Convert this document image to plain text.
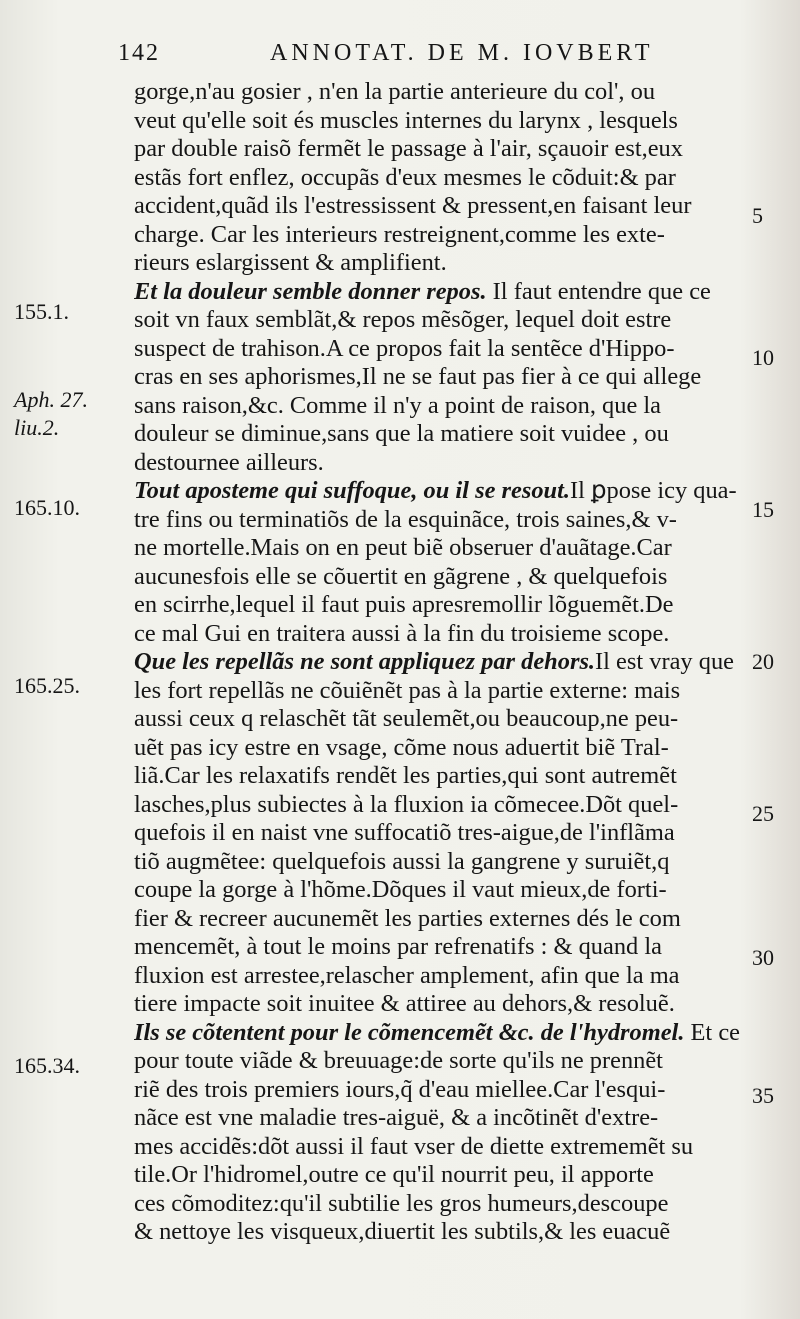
142	ANNOTAT. DE M. IOVBERT
155.1.
Aph. 27.
liu.2.
165.10.
165.25.
165.34.
5
10
15
20
25
30
35
gorge,n'au gosier , n'en la partie anterieure du col', ou
veut qu'elle soit és muscles internes du larynx , lesquels
par double raisõ fermẽt le passage à l'air, sçauoir est,eux
estãs fort enflez, occupãs d'eux mesmes le cõduit:& par
accident,quãd ils l'estressissent & pressent,en faisant leur
charge. Car les interieurs restreignent,comme les exte-
rieurs eslargissent & amplifient.
Et la douleur semble donner repos. Il faut entendre que ce
soit vn faux semblãt,& repos mẽsõger, lequel doit estre
suspect de trahison.A ce propos fait la sentẽce d'Hippo-
cras en ses aphorismes,Il ne se faut pas fier à ce qui allege
sans raison,&c. Comme il n'y a point de raison, que la
douleur se diminue,sans que la matiere soit vuidee , ou
destournee ailleurs.
Tout aposteme qui suffoque, ou il se resout.Il ꝑpose icy qua-
tre fins ou terminatiõs de la esquinãce, trois saines,& v-
ne mortelle.Mais on en peut biẽ obseruer d'auãtage.Car
aucunesfois elle se cõuertit en gãgrene , & quelquefois
en scirrhe,lequel il faut puis apresremollir lõguemẽt.De
ce mal Gui en traitera aussi à la fin du troisieme scope.
Que les repellãs ne sont appliquez par dehors.Il est vray que
les fort repellãs ne cõuiẽnẽt pas à la partie externe: mais
aussi ceux q relaschẽt tãt seulemẽt,ou beaucoup,ne peu-
uẽt pas icy estre en vsage, cõme nous aduertit biẽ Tral-
liã.Car les relaxatifs rendẽt les parties,qui sont autremẽt
lasches,plus subiectes à la fluxion ia cõmecee.Dõt quel-
quefois il en naist vne suffocatiõ tres-aigue,de l'inflãma
tiõ augmẽtee: quelquefois aussi la gangrene y suruiẽt,q
coupe la gorge à l'hõme.Dõques il vaut mieux,de forti-
fier & recreer aucunemẽt les parties externes dés le com
mencemẽt, à tout le moins par refrenatifs : & quand la
fluxion est arrestee,relascher amplement, afin que la ma
tiere impacte soit inuitee & attiree au dehors,& resoluẽ.
Ils se cõtentent pour le cõmencemẽt &c. de l'hydromel. Et ce
pour toute viãde & breuuage:de sorte qu'ils ne prennẽt
riẽ des trois premiers iours,q̃ d'eau miellee.Car l'esqui-
nãce est vne maladie tres-aiguë, & a incõtinẽt d'extre-
mes accidẽs:dõt aussi il faut vser de diette extrememẽt su
tile.Or l'hidromel,outre ce qu'il nourrit peu, il apporte
ces cõmoditez:qu'il subtilie les gros humeurs,descoupe
& nettoye les visqueux,diuertit les subtils,& les euacuẽ
